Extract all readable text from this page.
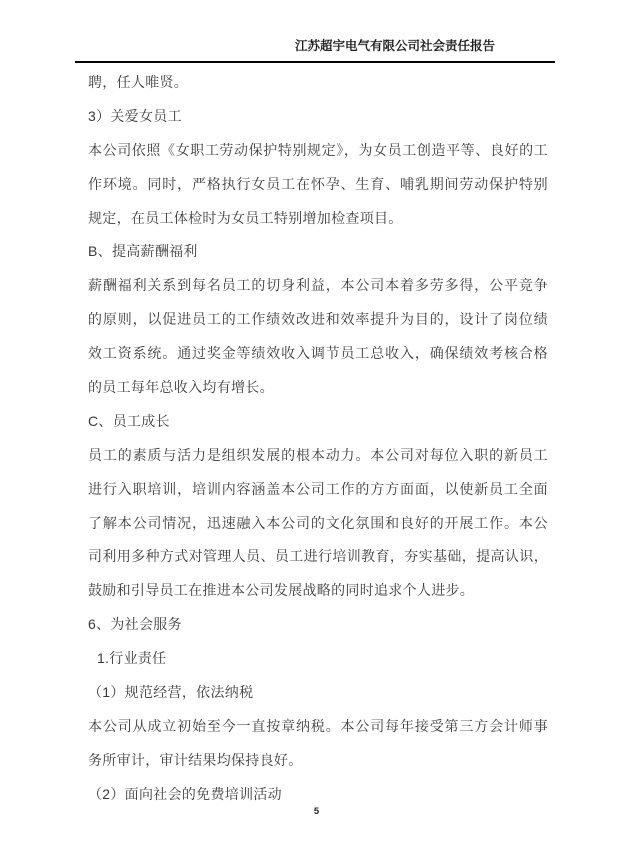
江苏超宇电气有限公司社会责任报告
聘，任人唯贤。
3）关爱女员工
本公司依照《女职工劳动保护特别规定》，为女员工创造平等、良好的工
作环境。同时，严格执行女员工在怀孕、生育、哺乳期间劳动保护特别
规定，在员工体检时为女员工特别增加检查项目。
B、提高薪酬福利
薪酬福利关系到每名员工的切身利益，本公司本着多劳多得，公平竞争
的原则，以促进员工的工作绩效改进和效率提升为目的，设计了岗位绩
效工资系统。通过奖金等绩效收入调节员工总收入，确保绩效考核合格
的员工每年总收入均有增长。
C、员工成长
员工的素质与活力是组织发展的根本动力。本公司对每位入职的新员工
进行入职培训，培训内容涵盖本公司工作的方方面面，以使新员工全面
了解本公司情况，迅速融入本公司的文化氛围和良好的开展工作。本公
司利用多种方式对管理人员、员工进行培训教育，夯实基础，提高认识，
鼓励和引导员工在推进本公司发展战略的同时追求个人进步。
6、为社会服务
1.行业责任
（1）规范经营，依法纳税
本公司从成立初始至今一直按章纳税。本公司每年接受第三方会计师事
务所审计，审计结果均保持良好。
（2）面向社会的免费培训活动
5
